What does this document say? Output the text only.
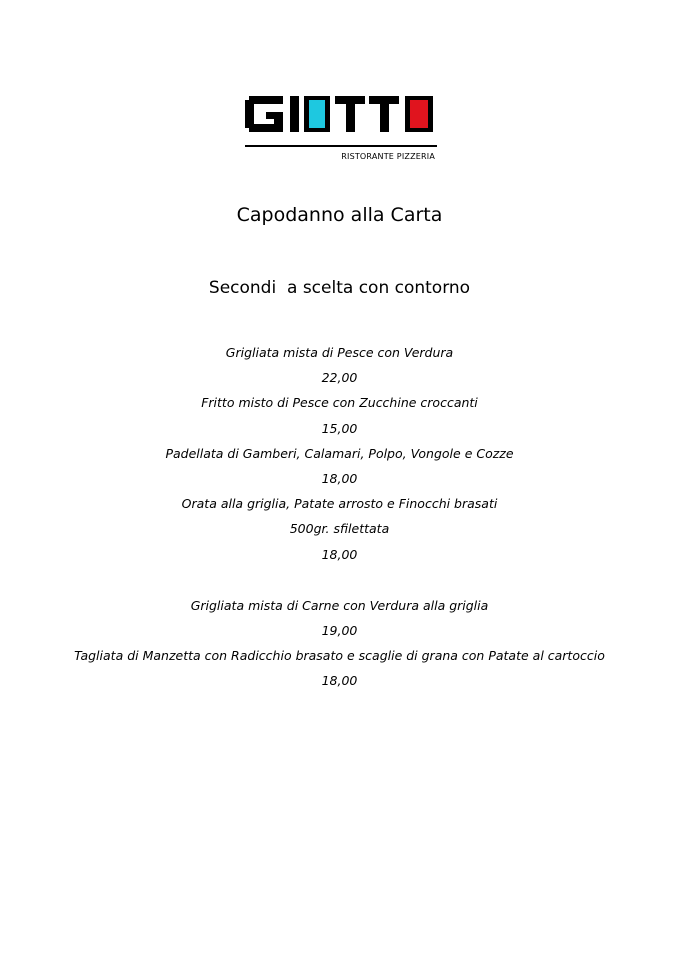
RISTORANTE PIZZERIA
Capodanno alla Carta
Secondi  a scelta con contorno
Grigliata mista di Pesce con Verdura
22,00
Fritto misto di Pesce con Zucchine croccanti
15,00
Padellata di Gamberi, Calamari, Polpo, Vongole e Cozze
18,00
Orata alla griglia, Patate arrosto e Finocchi brasati
500gr. sfilettata
18,00
Grigliata mista di Carne con Verdura alla griglia
19,00
Tagliata di Manzetta con Radicchio brasato e scaglie di grana con Patate al cartoccio
18,00
